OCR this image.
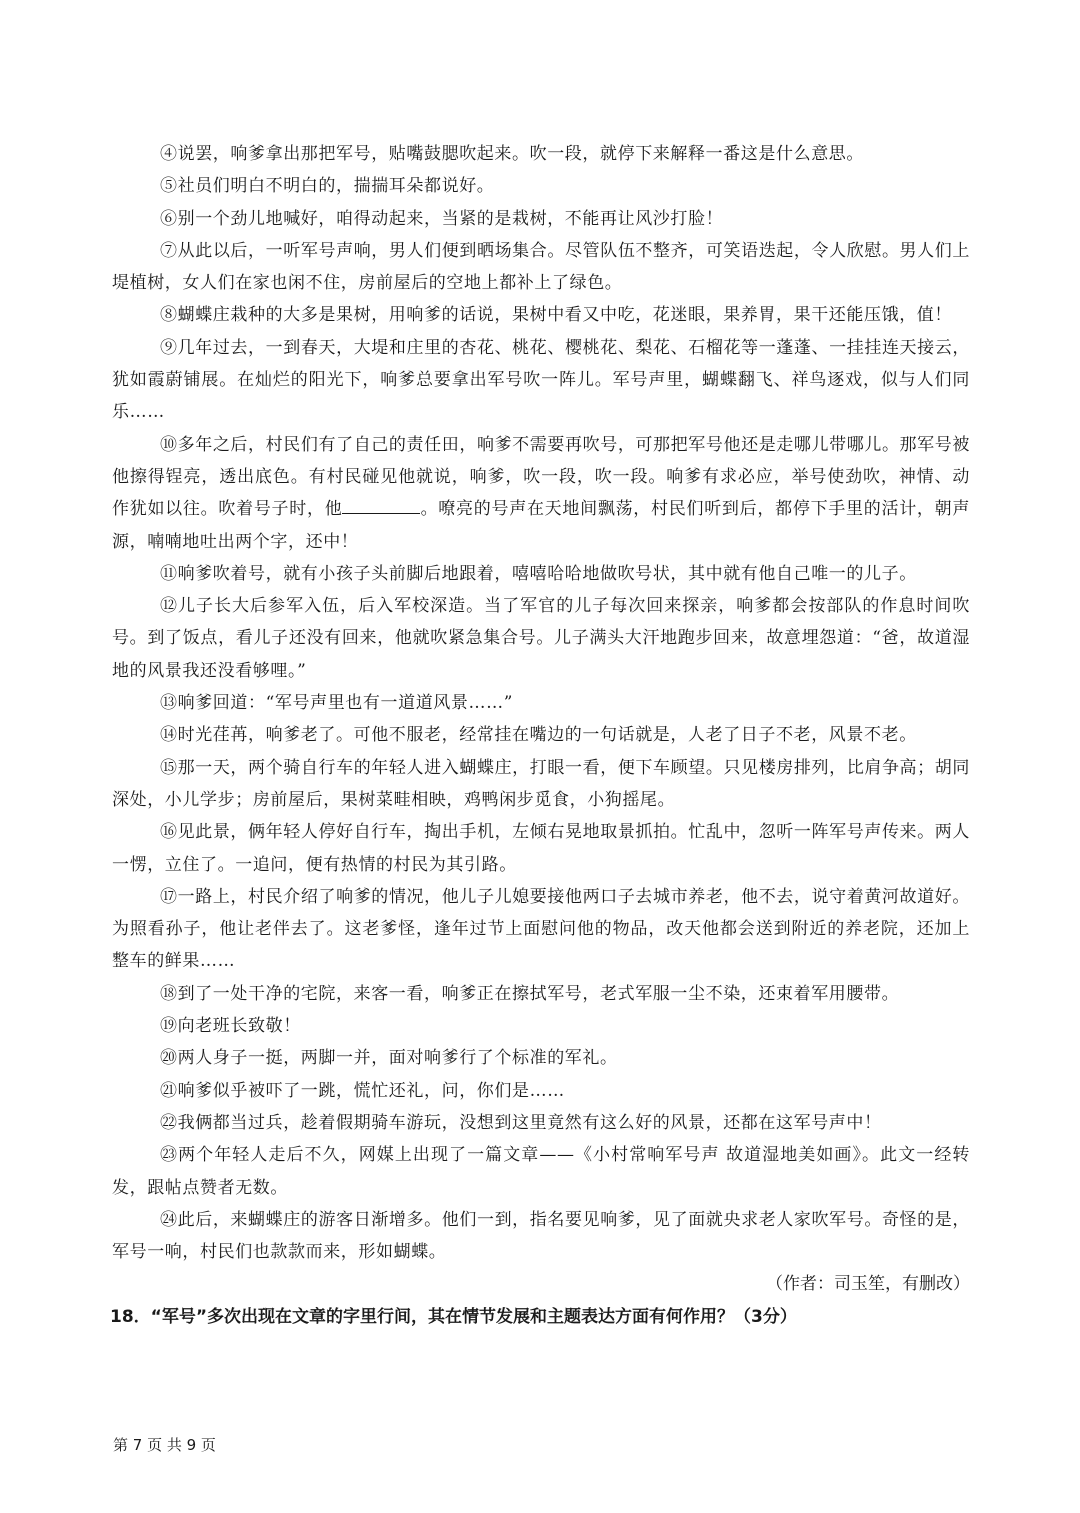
④说罢，响爹拿出那把军号，贴嘴鼓腮吹起来。吹一段，就停下来解释一番这是什么意思。

⑤社员们明白不明白的，揣揣耳朵都说好。

⑥别一个劲儿地喊好，咱得动起来，当紧的是栽树，不能再让风沙打脸！

⑦从此以后，一听军号声响，男人们便到晒场集合。尽管队伍不整齐，可笑语迭起，令人欣慰。男人们上堤植树，女人们在家也闲不住，房前屋后的空地上都补上了绿色。

⑧蝴蝶庄栽种的大多是果树，用响爹的话说，果树中看又中吃，花迷眼，果养胃，果干还能压饿，值！

⑨几年过去，一到春天，大堤和庄里的杏花、桃花、樱桃花、梨花、石榴花等一蓬蓬、一挂挂连天接云，犹如霞蔚铺展。在灿烂的阳光下，响爹总要拿出军号吹一阵儿。军号声里，蝴蝶翻飞、祥鸟逐戏，似与人们同乐……

⑩多年之后，村民们有了自己的责任田，响爹不需要再吹号，可那把军号他还是走哪儿带哪儿。那军号被他擦得锃亮，透出底色。有村民碰见他就说，响爹，吹一段，吹一段。响爹有求必应，举号使劲吹，神情、动作犹如以往。吹着号子时，他	。嘹亮的号声在天地间飘荡，村民们听到后，都停下手里的活计，朝声源，喃喃地吐出两个字，还中！

⑪响爹吹着号，就有小孩子头前脚后地跟着，嘻嘻哈哈地做吹号状，其中就有他自己唯一的儿子。

⑫儿子长大后参军入伍，后入军校深造。当了军官的儿子每次回来探亲，响爹都会按部队的作息时间吹号。到了饭点，看儿子还没有回来，他就吹紧急集合号。儿子满头大汗地跑步回来，故意埋怨道：“爸，故道湿地的风景我还没看够哩。”

⑬响爹回道：“军号声里也有一道道风景……”

⑭时光荏苒，响爹老了。可他不服老，经常挂在嘴边的一句话就是，人老了日子不老，风景不老。

⑮那一天，两个骑自行车的年轻人进入蝴蝶庄，打眼一看，便下车顾望。只见楼房排列，比肩争高；胡同深处，小儿学步；房前屋后，果树菜畦相映，鸡鸭闲步觅食，小狗摇尾。

⑯见此景，俩年轻人停好自行车，掏出手机，左倾右晃地取景抓拍。忙乱中，忽听一阵军号声传来。两人一愣，立住了。一追问，便有热情的村民为其引路。

⑰一路上，村民介绍了响爹的情况，他儿子儿媳要接他两口子去城市养老，他不去，说守着黄河故道好。为照看孙子，他让老伴去了。这老爹怪，逢年过节上面慰问他的物品，改天他都会送到附近的养老院，还加上整车的鲜果……

⑱到了一处干净的宅院，来客一看，响爹正在擦拭军号，老式军服一尘不染，还束着军用腰带。

⑲向老班长致敬！

⑳两人身子一挺，两脚一并，面对响爹行了个标准的军礼。

㉑响爹似乎被吓了一跳，慌忙还礼，问，你们是……

㉒我俩都当过兵，趁着假期骑车游玩，没想到这里竟然有这么好的风景，还都在这军号声中！

㉓两个年轻人走后不久，网媒上出现了一篇文章——《小村常响军号声 故道湿地美如画》。此文一经转发，跟帖点赞者无数。

㉔此后，来蝴蝶庄的游客日渐增多。他们一到，指名要见响爹，见了面就央求老人家吹军号。奇怪的是，军号一响，村民们也款款而来，形如蝴蝶。

（作者：司玉笙，有删改）

18．“军号”多次出现在文章的字里行间，其在情节发展和主题表达方面有何作用？（3分）

第 7 页 共 9 页
